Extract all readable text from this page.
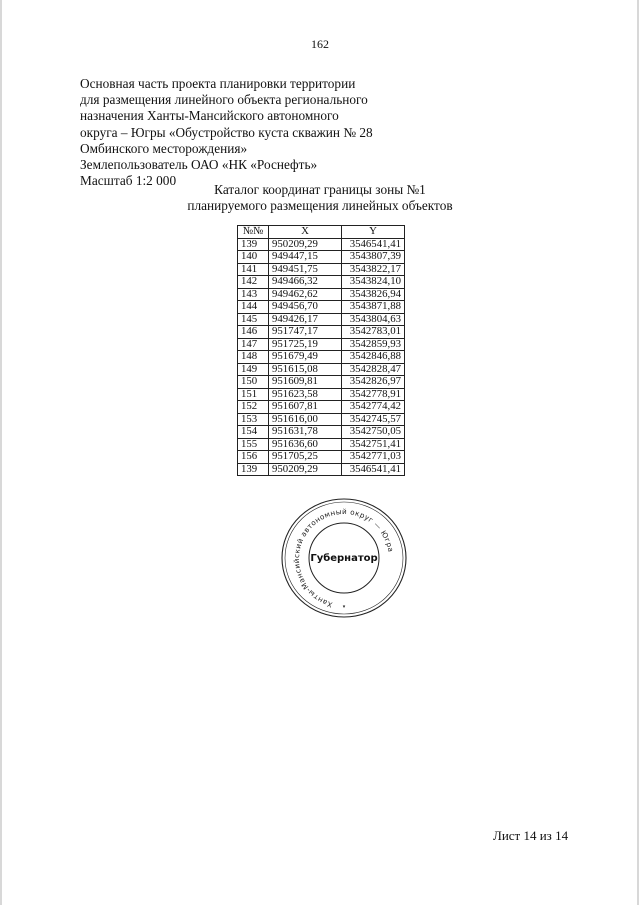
162
Основная часть проекта планировки территории
для размещения линейного объекта регионального
назначения Ханты-Мансийского автономного
округа – Югры «Обустройство куста скважин № 28
Омбинского месторождения»
Землепользователь ОАО «НК «Роснефть»
Масштаб 1:2 000
Каталог координат границы зоны №1
планируемого размещения линейных объектов
№№	X	Y
139	950209,29	3546541,41
140	949447,15	3543807,39
141	949451,75	3543822,17
142	949466,32	3543824,10
143	949462,62	3543826,94
144	949456,70	3543871,88
145	949426,17	3543804,63
146	951747,17	3542783,01
147	951725,19	3542859,93
148	951679,49	3542846,88
149	951615,08	3542828,47
150	951609,81	3542826,97
151	951623,58	3542778,91
152	951607,81	3542774,42
153	951616,00	3542745,57
154	951631,78	3542750,05
155	951636,60	3542751,41
156	951705,25	3542771,03
139	950209,29	3546541,41
Ханты-Мансийский автономный округ — Югра
Губернатор
▾
Лист 14 из 14
